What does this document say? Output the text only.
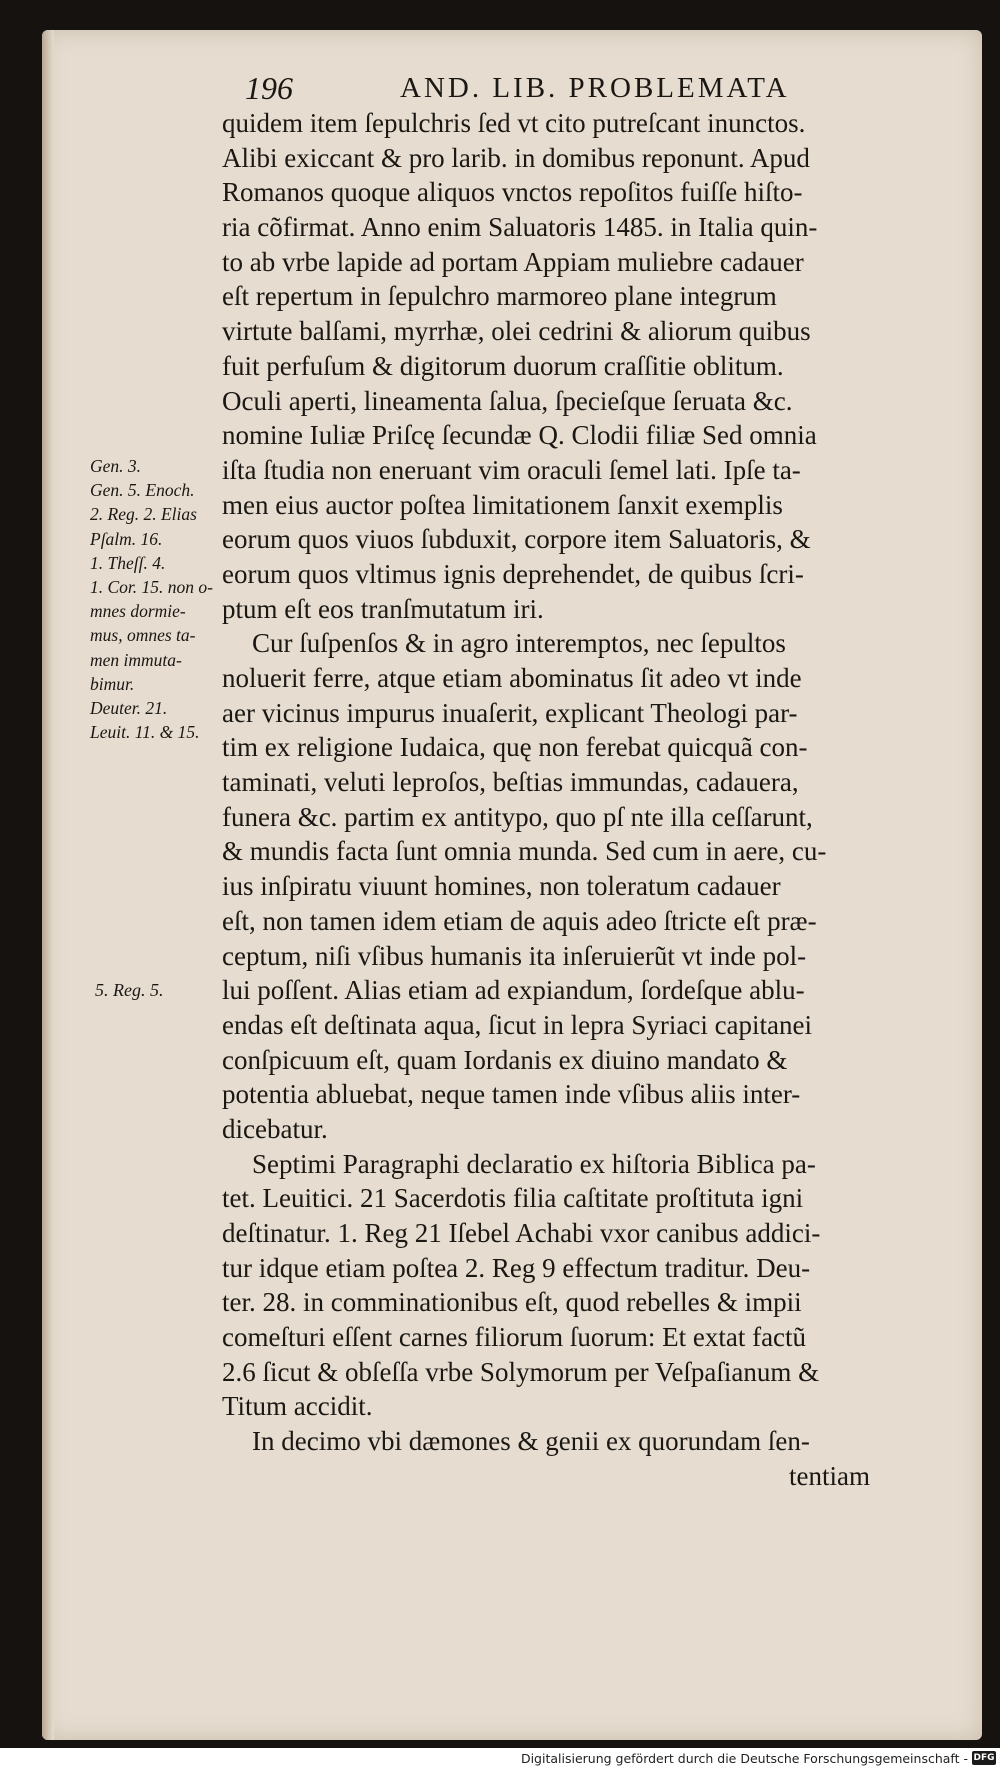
196	AND. LIB. PROBLEMATA
quidem item ſepulchris ſed vt cito putreſcant inunctos.
Alibi exiccant & pro larib. in domibus reponunt. Apud
Romanos quoque aliquos vnctos repoſitos fuiſſe hiſto-
ria cõfirmat. Anno enim Saluatoris 1485. in Italia quin-
to ab vrbe lapide ad portam Appiam muliebre cadauer
eſt repertum in ſepulchro marmoreo plane integrum
virtute balſami, myrrhæ, olei cedrini & aliorum quibus
fuit perfuſum & digitorum duorum craſſitie oblitum.
Oculi aperti, lineamenta ſalua, ſpecieſque ſeruata &c.
nomine Iuliæ Priſcę ſecundæ Q. Clodii filiæ Sed omnia
iſta ſtudia non eneruant vim oraculi ſemel lati. Ipſe ta-
men eius auctor poſtea limitationem ſanxit exemplis
eorum quos viuos ſubduxit, corpore item Saluatoris, &
eorum quos vltimus ignis deprehendet, de quibus ſcri-
ptum eſt eos tranſmutatum iri.
Cur ſuſpenſos & in agro interemptos, nec ſepultos
noluerit ferre, atque etiam abominatus ſit adeo vt inde
aer vicinus impurus inuaſerit, explicant Theologi par-
tim ex religione Iudaica, quę non ferebat quicquã con-
taminati, veluti leproſos, beſtias immundas, cadauera,
funera &c. partim ex antitypo, quo pſ nte illa ceſſarunt,
& mundis facta ſunt omnia munda. Sed cum in aere, cu-
ius inſpiratu viuunt homines, non toleratum cadauer
eſt, non tamen idem etiam de aquis adeo ſtricte eſt præ-
ceptum, niſi vſibus humanis ita inſeruierũt vt inde pol-
lui poſſent. Alias etiam ad expiandum, ſordeſque ablu-
endas eſt deſtinata aqua, ſicut in lepra Syriaci capitanei
conſpicuum eſt, quam Iordanis ex diuino mandato &
potentia abluebat, neque tamen inde vſibus aliis inter-
dicebatur.
Septimi Paragraphi declaratio ex hiſtoria Biblica pa-
tet. Leuitici. 21 Sacerdotis filia caſtitate proſtituta igni
deſtinatur. 1. Reg 21 Iſebel Achabi vxor canibus addici-
tur idque etiam poſtea 2. Reg 9 effectum traditur. Deu-
ter. 28. in comminationibus eſt, quod rebelles & impii
comeſturi eſſent carnes filiorum ſuorum: Et extat factũ
2.6 ſicut & obſeſſa vrbe Solymorum per Veſpaſianum &
Titum accidit.
In decimo vbi dæmones & genii ex quorundam ſen-
tentiam
Gen. 3.
Gen. 5. Enoch.
2. Reg. 2. Elias
Pſalm. 16.
1. Theſſ. 4.
1. Cor. 15. non o-
mnes dormie-
mus, omnes ta-
men immuta-
bimur.
Deuter. 21.
Leuit. 11. & 15.
5. Reg. 5.
Digitalisierung gefördert durch die Deutsche Forschungsgemeinschaft - DFG
